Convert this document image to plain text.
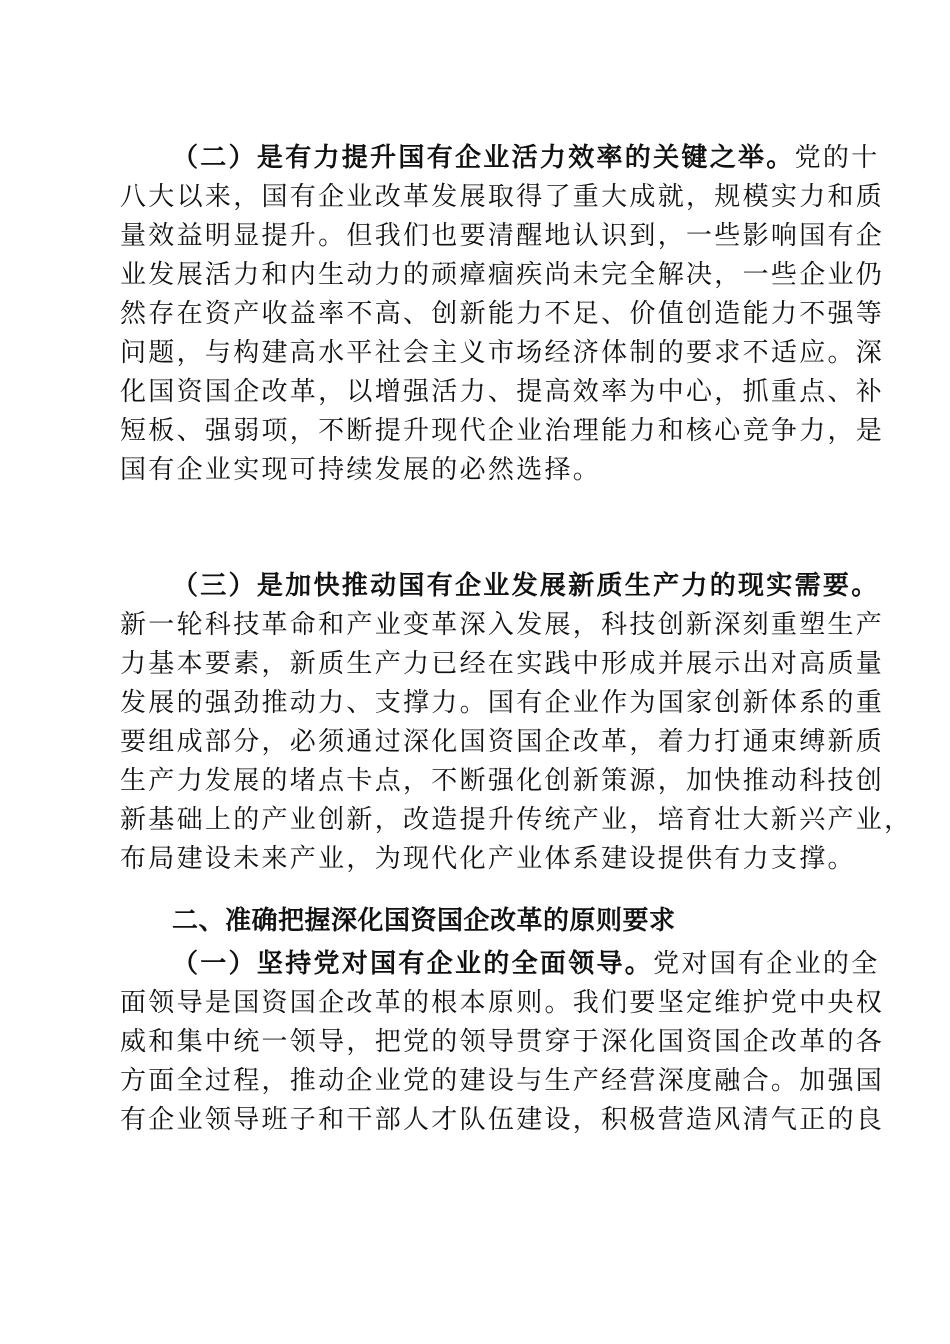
（二）是有力提升国有企业活力效率的关键之举。党的十
八大以来，国有企业改革发展取得了重大成就，规模实力和质
量效益明显提升。但我们也要清醒地认识到，一些影响国有企
业发展活力和内生动力的顽瘴痼疾尚未完全解决，一些企业仍
然存在资产收益率不高、创新能力不足、价值创造能力不强等
问题，与构建高水平社会主义市场经济体制的要求不适应。深
化国资国企改革，以增强活力、提高效率为中心，抓重点、补
短板、强弱项，不断提升现代企业治理能力和核心竞争力，是
国有企业实现可持续发展的必然选择。
（三）是加快推动国有企业发展新质生产力的现实需要。
新一轮科技革命和产业变革深入发展，科技创新深刻重塑生产
力基本要素，新质生产力已经在实践中形成并展示出对高质量
发展的强劲推动力、支撑力。国有企业作为国家创新体系的重
要组成部分，必须通过深化国资国企改革，着力打通束缚新质
生产力发展的堵点卡点，不断强化创新策源，加快推动科技创
新基础上的产业创新，改造提升传统产业，培育壮大新兴产业，
布局建设未来产业，为现代化产业体系建设提供有力支撑。
二、准确把握深化国资国企改革的原则要求
（一）坚持党对国有企业的全面领导。党对国有企业的全
面领导是国资国企改革的根本原则。我们要坚定维护党中央权
威和集中统一领导，把党的领导贯穿于深化国资国企改革的各
方面全过程，推动企业党的建设与生产经营深度融合。加强国
有企业领导班子和干部人才队伍建设，积极营造风清气正的良
